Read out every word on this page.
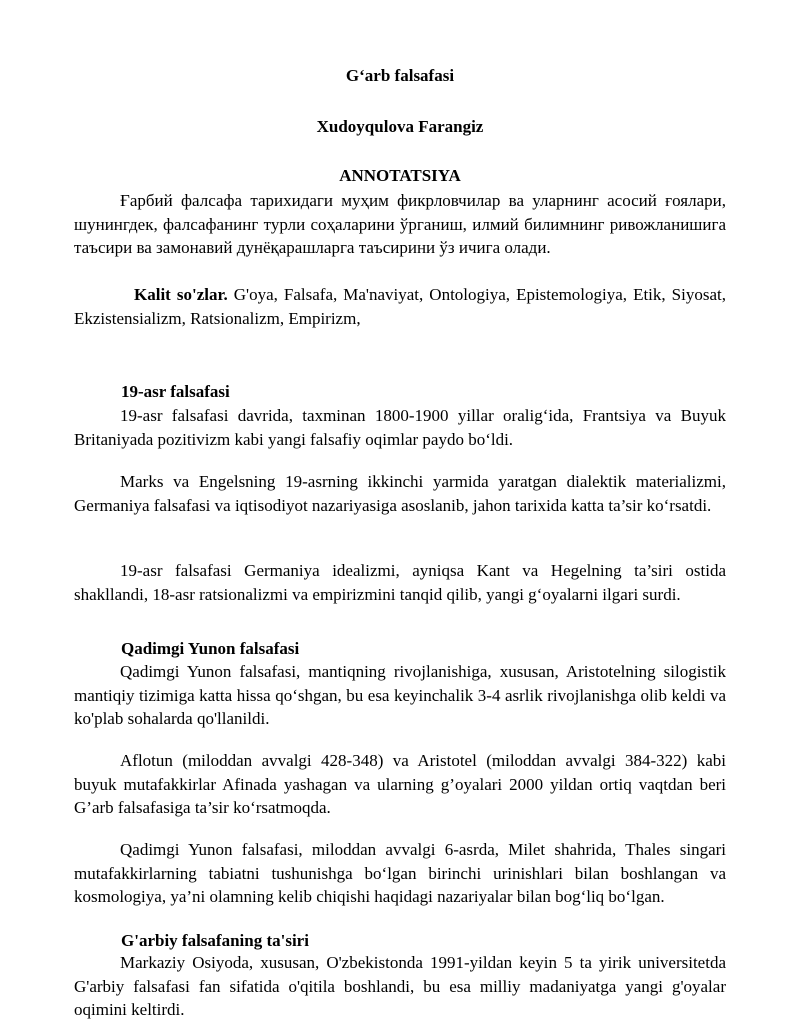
G‘arb falsafasi
Xudoyqulova Farangiz
ANNOTATSIYA

Ғарбий фалсафа тарихидаги муҳим фикрловчилар ва уларнинг асосий ғоялари, шунингдек, фалсафанинг турли соҳаларини ўрганиш, илмий билимнинг ривожланишига таъсири ва замонавий дунёқарашларга таъсирини ўз ичига олади.

Kalit so'zlar. G'oya, Falsafa, Ma'naviyat, Ontologiya, Epistemologiya, Etik, Siyosat, Ekzistensializm, Ratsionalizm, Empirizm,

19-asr falsafasi

19-asr falsafasi davrida, taxminan 1800-1900 yillar oralig‘ida, Frantsiya va Buyuk Britaniyada pozitivizm kabi yangi falsafiy oqimlar paydo bo‘ldi.

Marks va Engelsning 19-asrning ikkinchi yarmida yaratgan dialektik materializmi, Germaniya falsafasi va iqtisodiyot nazariyasiga asoslanib, jahon tarixida katta ta’sir ko‘rsatdi.

19-asr falsafasi Germaniya idealizmi, ayniqsa Kant va Hegelning ta’siri ostida shakllandi, 18-asr ratsionalizmi va empirizmini tanqid qilib, yangi g‘oyalarni ilgari surdi.

Qadimgi Yunon falsafasi

Qadimgi Yunon falsafasi, mantiqning rivojlanishiga, xususan, Aristotelning silogistik mantiqiy tizimiga katta hissa qo‘shgan, bu esa keyinchalik 3-4 asrlik rivojlanishga olib keldi va ko'plab sohalarda qo'llanildi.

Aflotun (miloddan avvalgi 428-348) va Aristotel (miloddan avvalgi 384-322) kabi buyuk mutafakkirlar Afinada yashagan va ularning g’oyalari 2000 yildan ortiq vaqtdan beri G’arb falsafasiga ta’sir ko‘rsatmoqda.

Qadimgi Yunon falsafasi, miloddan avvalgi 6-asrda, Milet shahrida, Thales singari mutafakkirlarning tabiatni tushunishga bo‘lgan birinchi urinishlari bilan boshlangan va kosmologiya, ya’ni olamning kelib chiqishi haqidagi nazariyalar bilan bog‘liq bo‘lgan.

G'arbiy falsafaning ta'siri

Markaziy Osiyoda, xususan, O'zbekistonda 1991-yildan keyin 5 ta yirik universitetda G'arbiy falsafasi fan sifatida o'qitila boshlandi, bu esa milliy madaniyatga yangi g'oyalar oqimini keltirdi.
